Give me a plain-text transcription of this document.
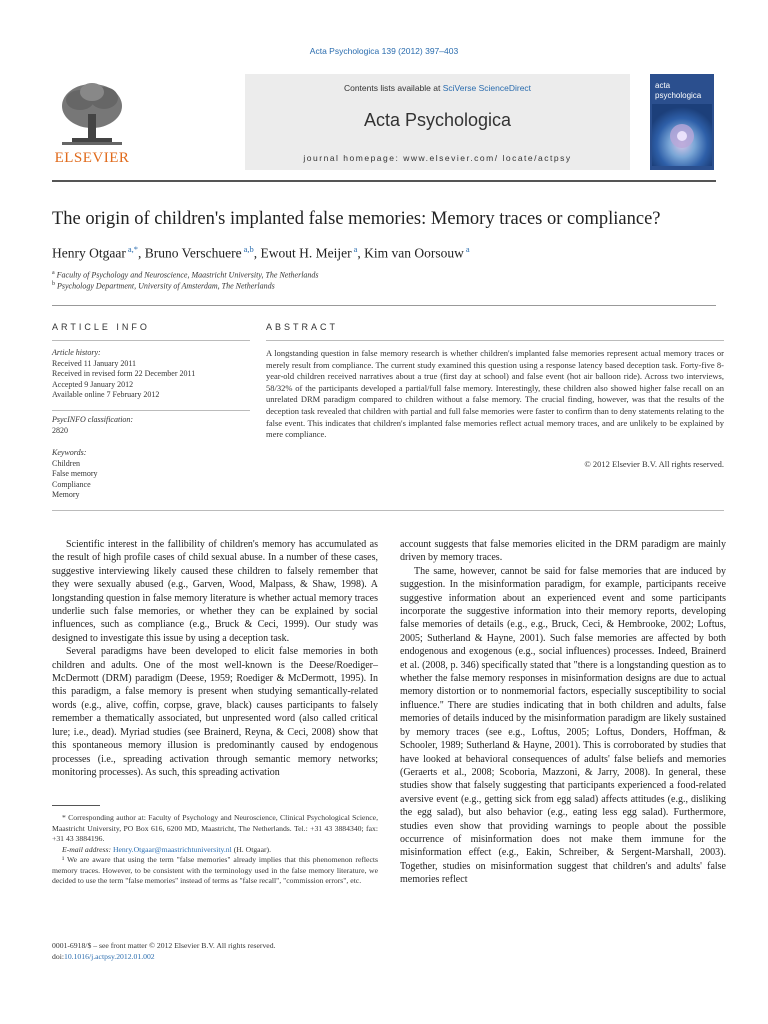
Acta Psychologica 139 (2012) 397–403
ELSEVIER
Contents lists available at SciVerse ScienceDirect
Acta Psychologica
journal homepage: www.elsevier.com/ locate/actpsy
acta
psychologica
The origin of children's implanted false memories: Memory traces or compliance?
Henry Otgaar $^{a,*}$, Bruno Verschuere $^{a,b}$, Ewout H. Meijer $^a$, Kim van Oorsouw $^a$
$^a$ Faculty of Psychology and Neuroscience, Maastricht University, The Netherlands
$^b$ Psychology Department, University of Amsterdam, The Netherlands
ARTICLE INFO	ABSTRACT
Article history:
Received 11 January 2011
Received in revised form 22 December 2011
Accepted 9 January 2012
Available online 7 February 2012
PsycINFO classification:
2820
Keywords:
Children
False memory
Compliance
Memory
A longstanding question in false memory research is whether children's implanted false memories represent actual memory traces or merely result from compliance. The current study examined this question using a response latency based deception task. Forty-five 8-year-old children received narratives about a true (first day at school) and false event (hot air balloon ride). Across two interviews, 58/32% of the participants developed a partial/full false memory. Interestingly, these children also showed higher false recall on an unrelated DRM paradigm compared to children without a false memory. The crucial finding, however, was that the results of the deception task revealed that children with partial and full false memories were faster to confirm than to deny statements relating to the false event. This indicates that children's implanted false memories reflect actual memory traces, and are unlikely to be explained by mere compliance.
© 2012 Elsevier B.V. All rights reserved.

Scientific interest in the fallibility of children's memory has accumulated as the result of high profile cases of child sexual abuse. In a number of these cases, suggestive interviewing likely caused these children to falsely remember that they were sexually abused (e.g., Garven, Wood, Malpass, & Shaw, 1998). A longstanding question in false memory literature is whether actual memory traces underlie such false memories, or whether they can be explained by social influences, such as compliance (e.g., Bruck & Ceci, 1999). Our study was designed to investigate this issue by using a deception task.

Several paradigms have been developed to elicit false memories in both children and adults. One of the most well-known is the Deese/Roediger–McDermott (DRM) paradigm (Deese, 1959; Roediger & McDermott, 1995). In this paradigm, a false memory is present when studying semantically-related words (e.g., alive, coffin, corpse, grave, black) causes participants to falsely remember a thematically associated, but unpresented word (also called critical lure; i.e., dead). Myriad studies (see Brainerd, Reyna, & Ceci, 2008) show that this spontaneous memory illusion is predominantly caused by endogenous processes (i.e., spreading activation through semantic memory networks; monitoring processes). As such, this spreading activation

account suggests that false memories elicited in the DRM paradigm are mainly driven by memory traces.

The same, however, cannot be said for false memories that are induced by suggestion. In the misinformation paradigm, for example, participants receive suggestive information about an experienced event and some participants incorporate the suggestive information into their memory reports, developing false memories of details (e.g., e.g., Bruck, Ceci, & Hembrooke, 2002; Loftus, 2005; Sutherland & Hayne, 2001). Such false memories are affected by both endogenous and exogenous (e.g., social influences) processes. Indeed, Brainerd et al. (2008, p. 346) specifically stated that "there is a longstanding question as to whether the false memory responses in misinformation designs are due to actual memory distortion or to nonmemorial factors, especially susceptibility to social influence." There are studies indicating that in both children and adults, false memories of details induced by the misinformation paradigm are likely sustained by memory traces (see e.g., Loftus, 2005; Loftus, Donders, Hoffman, & Schooler, 1989; Sutherland & Hayne, 2001). This is corroborated by studies that have looked at behavioral consequences of adults' false beliefs and memories (Geraerts et al., 2008; Scoboria, Mazzoni, & Jarry, 2008). In general, these studies show that falsely suggesting that participants experienced a food-related aversive event (e.g., getting sick from egg salad) affects attitudes (e.g., disliking the egg salad), but also behavior (e.g., eating less egg salad). Furthermore, studies even show that providing warnings to people about the possible occurrence of misinformation does not make them immune for the misinformation effect (e.g., Eakin, Schreiber, & Sergent-Marshall, 2003). Together, studies on misinformation suggest that children's and adults' false memories reflect

* Corresponding author at: Faculty of Psychology and Neuroscience, Clinical Psychological Science, Maastricht University, PO Box 616, 6200 MD, Maastricht, The Netherlands. Tel.: +31 43 3884340; fax: +31 43 3884196.

E-mail address: Henry.Otgaar@maastrichtuniversity.nl (H. Otgaar).

¹ We are aware that using the term "false memories" already implies that this phenomenon reflects memory traces. However, to be consistent with the terminology used in the false memory literature, we decided to use the term "false memories" instead of terms as "false recall", "commission errors", etc.

0001-6918/$ – see front matter © 2012 Elsevier B.V. All rights reserved.
doi:10.1016/j.actpsy.2012.01.002
